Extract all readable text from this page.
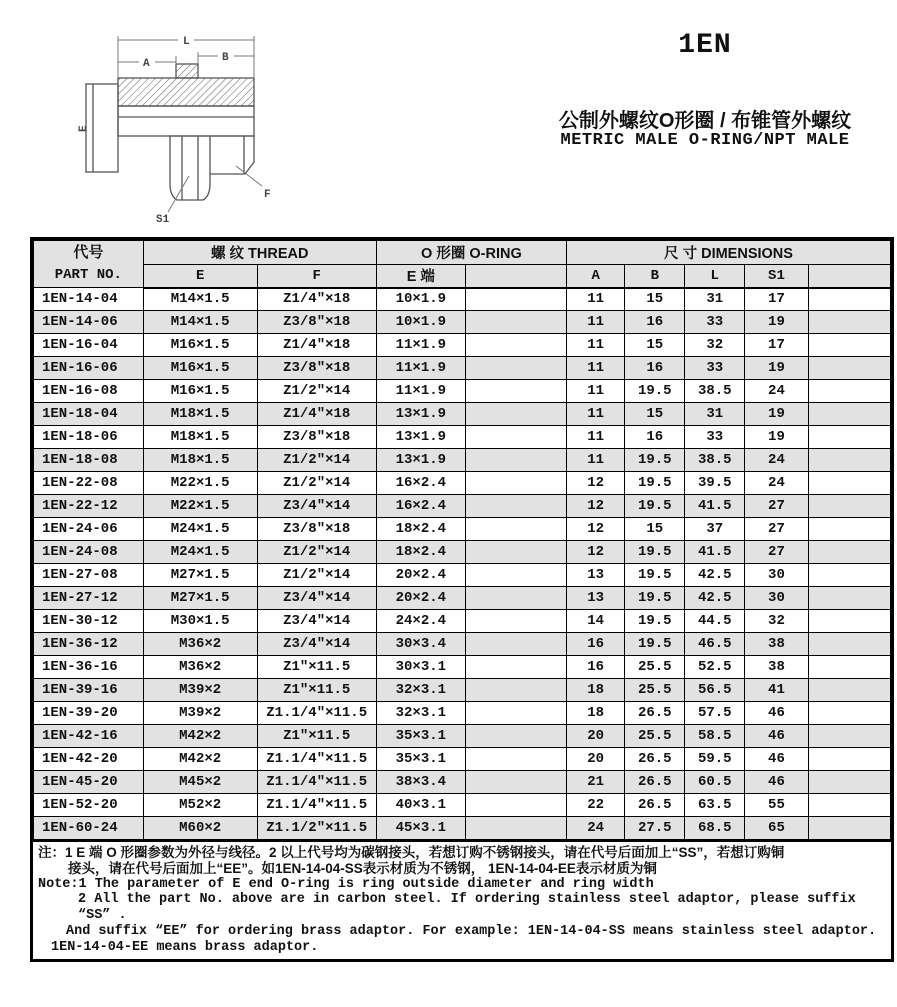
L
A	B
E
F
S1
1EN
公制外螺纹O形圈 / 布锥管外螺纹
METRIC MALE O-RING/NPT MALE
代号
PART NO.	螺 纹 THREAD		O 形圈 O-RING		尺 寸 DIMENSIONS				
	E	F	E 端		A	B	L	S1	
1EN-14-04	M14×1.5	Z1/4″×18	10×1.9		11	15	31	17	
1EN-14-06	M14×1.5	Z3/8″×18	10×1.9		11	16	33	19	
1EN-16-04	M16×1.5	Z1/4″×18	11×1.9		11	15	32	17	
1EN-16-06	M16×1.5	Z3/8″×18	11×1.9		11	16	33	19	
1EN-16-08	M16×1.5	Z1/2″×14	11×1.9		11	19.5	38.5	24	
1EN-18-04	M18×1.5	Z1/4″×18	13×1.9		11	15	31	19	
1EN-18-06	M18×1.5	Z3/8″×18	13×1.9		11	16	33	19	
1EN-18-08	M18×1.5	Z1/2″×14	13×1.9		11	19.5	38.5	24	
1EN-22-08	M22×1.5	Z1/2″×14	16×2.4		12	19.5	39.5	24	
1EN-22-12	M22×1.5	Z3/4″×14	16×2.4		12	19.5	41.5	27	
1EN-24-06	M24×1.5	Z3/8″×18	18×2.4		12	15	37	27	
1EN-24-08	M24×1.5	Z1/2″×14	18×2.4		12	19.5	41.5	27	
1EN-27-08	M27×1.5	Z1/2″×14	20×2.4		13	19.5	42.5	30	
1EN-27-12	M27×1.5	Z3/4″×14	20×2.4		13	19.5	42.5	30	
1EN-30-12	M30×1.5	Z3/4″×14	24×2.4		14	19.5	44.5	32	
1EN-36-12	M36×2	Z3/4″×14	30×3.4		16	19.5	46.5	38	
1EN-36-16	M36×2	Z1″×11.5	30×3.1		16	25.5	52.5	38	
1EN-39-16	M39×2	Z1″×11.5	32×3.1		18	25.5	56.5	41	
1EN-39-20	M39×2	Z1.1/4″×11.5	32×3.1		18	26.5	57.5	46	
1EN-42-16	M42×2	Z1″×11.5	35×3.1		20	25.5	58.5	46	
1EN-42-20	M42×2	Z1.1/4″×11.5	35×3.1		20	26.5	59.5	46	
1EN-45-20	M45×2	Z1.1/4″×11.5	38×3.4		21	26.5	60.5	46	
1EN-52-20	M52×2	Z1.1/4″×11.5	40×3.1		22	26.5	63.5	55	
1EN-60-24	M60×2	Z1.1/2″×11.5	45×3.1		24	27.5	68.5	65	
注：1 E 端 O 形圈参数为外径与线径。2 以上代号均为碳钢接头，若想订购不锈钢接头，请在代号后面加上“SS”，若想订购铜
接头，请在代号后面加上“EE”。如1EN-14-04-SS表示材质为不锈钢， 1EN-14-04-EE表示材质为铜
Note:1 The parameter of E end O-ring is ring outside diameter and ring width
2 All the part No. above are in carbon steel. If ordering stainless steel adaptor, please suffix “SS” .
And suffix “EE” for ordering brass adaptor. For example: 1EN-14-04-SS means stainless steel adaptor.
1EN-14-04-EE means brass adaptor.
